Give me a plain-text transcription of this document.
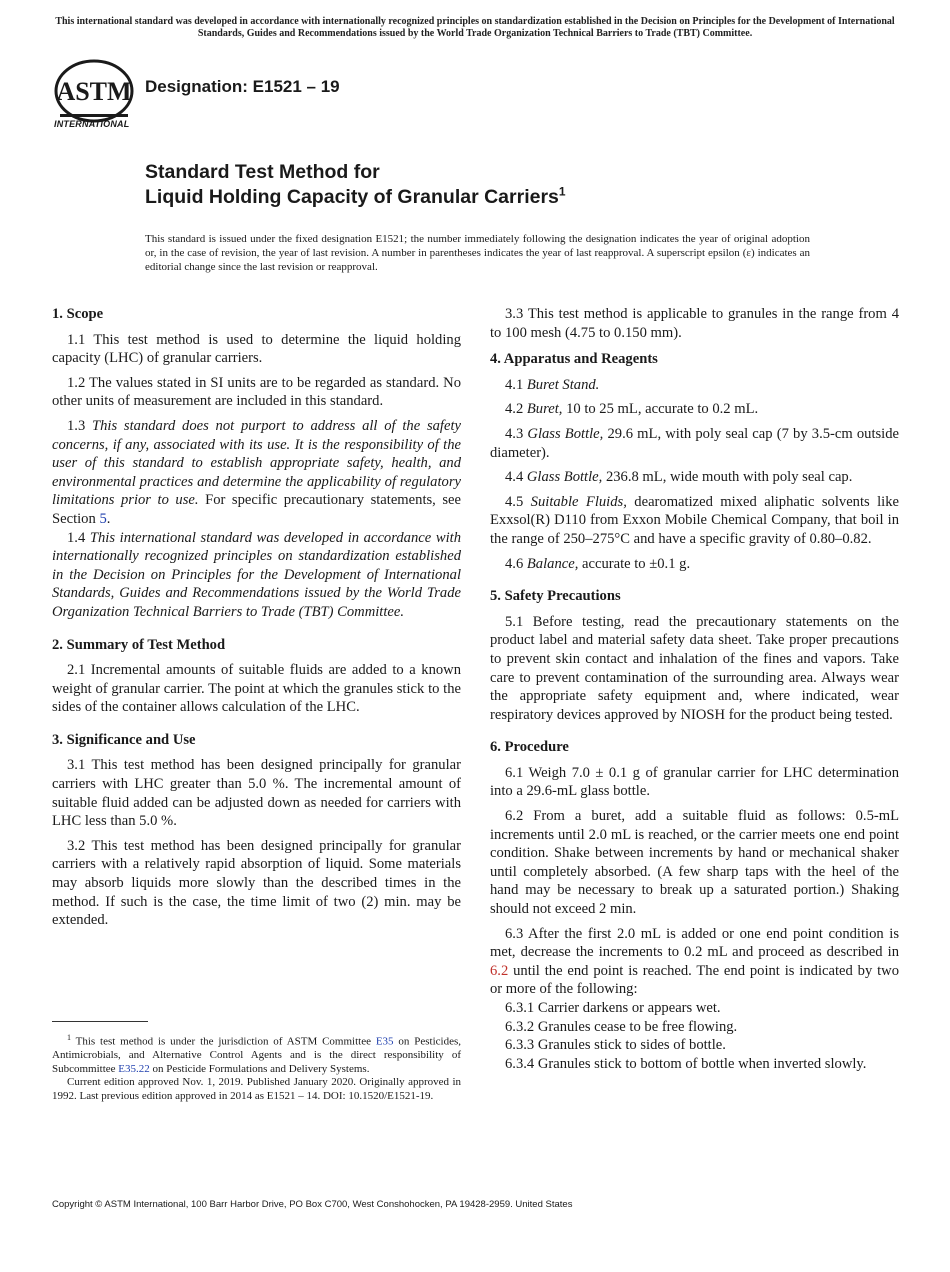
This international standard was developed in accordance with internationally recognized principles on standardization established in the Decision on Principles for the Development of International Standards, Guides and Recommendations issued by the World Trade Organization Technical Barriers to Trade (TBT) Committee.
ASTM
INTERNATIONAL
Designation: E1521 – 19
Standard Test Method for
Liquid Holding Capacity of Granular Carriers$^1$
This standard is issued under the fixed designation E1521; the number immediately following the designation indicates the year of original adoption or, in the case of revision, the year of last revision. A number in parentheses indicates the year of last reapproval. A superscript epsilon (ε) indicates an editorial change since the last revision or reapproval.
1. Scope

1.1 This test method is used to determine the liquid holding capacity (LHC) of granular carriers.

1.2 The values stated in SI units are to be regarded as standard. No other units of measurement are included in this standard.

1.3 This standard does not purport to address all of the safety concerns, if any, associated with its use. It is the responsibility of the user of this standard to establish appropriate safety, health, and environmental practices and determine the applicability of regulatory limitations prior to use. For specific precautionary statements, see Section 5.

1.4 This international standard was developed in accordance with internationally recognized principles on standardization established in the Decision on Principles for the Development of International Standards, Guides and Recommendations issued by the World Trade Organization Technical Barriers to Trade (TBT) Committee.

2. Summary of Test Method

2.1 Incremental amounts of suitable fluids are added to a known weight of granular carrier. The point at which the granules stick to the sides of the container allows calculation of the LHC.

3. Significance and Use

3.1 This test method has been designed principally for granular carriers with LHC greater than 5.0 %. The incremental amount of suitable fluid added can be adjusted down as needed for carriers with LHC less than 5.0 %.

3.2 This test method has been designed principally for granular carriers with a relatively rapid absorption of liquid. Some materials may absorb liquids more slowly than the described times in the method. If such is the case, the time limit of two (2) min. may be extended.

3.3 This test method is applicable to granules in the range from 4 to 100 mesh (4.75 to 0.150 mm).

4. Apparatus and Reagents

4.1 Buret Stand.

4.2 Buret, 10 to 25 mL, accurate to 0.2 mL.

4.3 Glass Bottle, 29.6 mL, with poly seal cap (7 by 3.5-cm outside diameter).

4.4 Glass Bottle, 236.8 mL, wide mouth with poly seal cap.

4.5 Suitable Fluids, dearomatized mixed aliphatic solvents like Exxsol(R) D110 from Exxon Mobile Chemical Company, that boil in the range of 250–275°C and have a specific gravity of 0.80–0.82.

4.6 Balance, accurate to ±0.1 g.

5. Safety Precautions

5.1 Before testing, read the precautionary statements on the product label and material safety data sheet. Take proper precautions to prevent skin contact and inhalation of the fines and vapors. Take care to prevent contamination of the surrounding area. Always wear the appropriate safety equipment and, where indicated, wear respiratory devices approved by NIOSH for the product being tested.

6. Procedure

6.1 Weigh 7.0 ± 0.1 g of granular carrier for LHC determination into a 29.6-mL glass bottle.

6.2 From a buret, add a suitable fluid as follows: 0.5-mL increments until 2.0 mL is reached, or the carrier meets one end point condition. Shake between increments by hand or mechanical shaker until completely absorbed. (A few sharp taps with the heel of the hand may be necessary to break up a saturated portion.) Shaking should not exceed 2 min.

6.3 After the first 2.0 mL is added or one end point condition is met, decrease the increments to 0.2 mL and proceed as described in 6.2 until the end point is reached. The end point is indicated by two or more of the following:

6.3.1 Carrier darkens or appears wet.

6.3.2 Granules cease to be free flowing.

6.3.3 Granules stick to sides of bottle.

6.3.4 Granules stick to bottom of bottle when inverted slowly.

$^1$ This test method is under the jurisdiction of ASTM Committee E35 on Pesticides, Antimicrobials, and Alternative Control Agents and is the direct responsibility of Subcommittee E35.22 on Pesticide Formulations and Delivery Systems.

Current edition approved Nov. 1, 2019. Published January 2020. Originally approved in 1992. Last previous edition approved in 2014 as E1521 – 14. DOI: 10.1520/E1521-19.

Copyright © ASTM International, 100 Barr Harbor Drive, PO Box C700, West Conshohocken, PA 19428-2959. United States
